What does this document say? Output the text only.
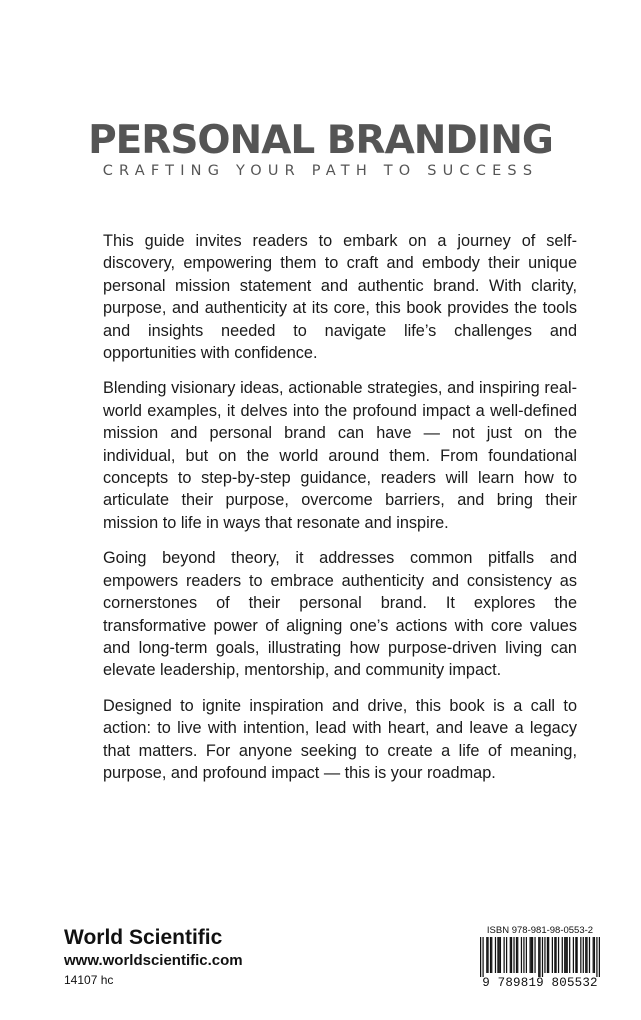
PERSONAL BRANDING
CRAFTING YOUR PATH TO SUCCESS

This guide invites readers to embark on a journey of self-discovery, empowering them to craft and embody their unique personal mission statement and authentic brand. With clarity, purpose, and authenticity at its core, this book provides the tools and insights needed to navigate life’s challenges and opportunities with confidence.

Blending visionary ideas, actionable strategies, and inspiring real-world examples, it delves into the profound impact a well-defined mission and personal brand can have — not just on the individual, but on the world around them. From foundational concepts to step-by-step guidance, readers will learn how to articulate their purpose, overcome barriers, and bring their mission to life in ways that resonate and inspire.

Going beyond theory, it addresses common pitfalls and empowers readers to embrace authenticity and consistency as cornerstones of their personal brand. It explores the transformative power of aligning one’s actions with core values and long-term goals, illustrating how purpose-driven living can elevate leadership, mentorship, and community impact.

Designed to ignite inspiration and drive, this book is a call to action: to live with intention, lead with heart, and leave a legacy that matters. For anyone seeking to create a life of meaning, purpose, and profound impact — this is your roadmap.

World Scientific
www.worldscientific.com
14107 hc
ISBN 978-981-98-0553-2
9 789819 805532
